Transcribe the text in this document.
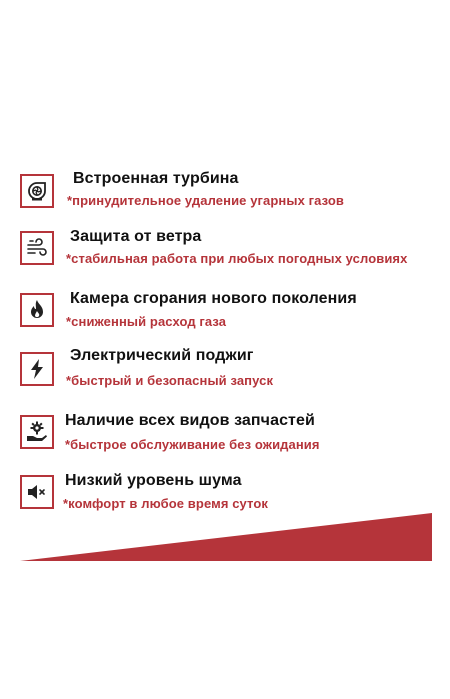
Встроенная турбина
*принудительное удаление угарных газов
Защита от ветра
*стабильная работа при любых погодных условиях
Камера сгорания нового поколения
*сниженный расход газа
Электрический поджиг
*быстрый и безопасный запуск
Наличие всех видов запчастей
*быстрое обслуживание без ожидания
Низкий уровень шума
*комфорт в любое время суток
